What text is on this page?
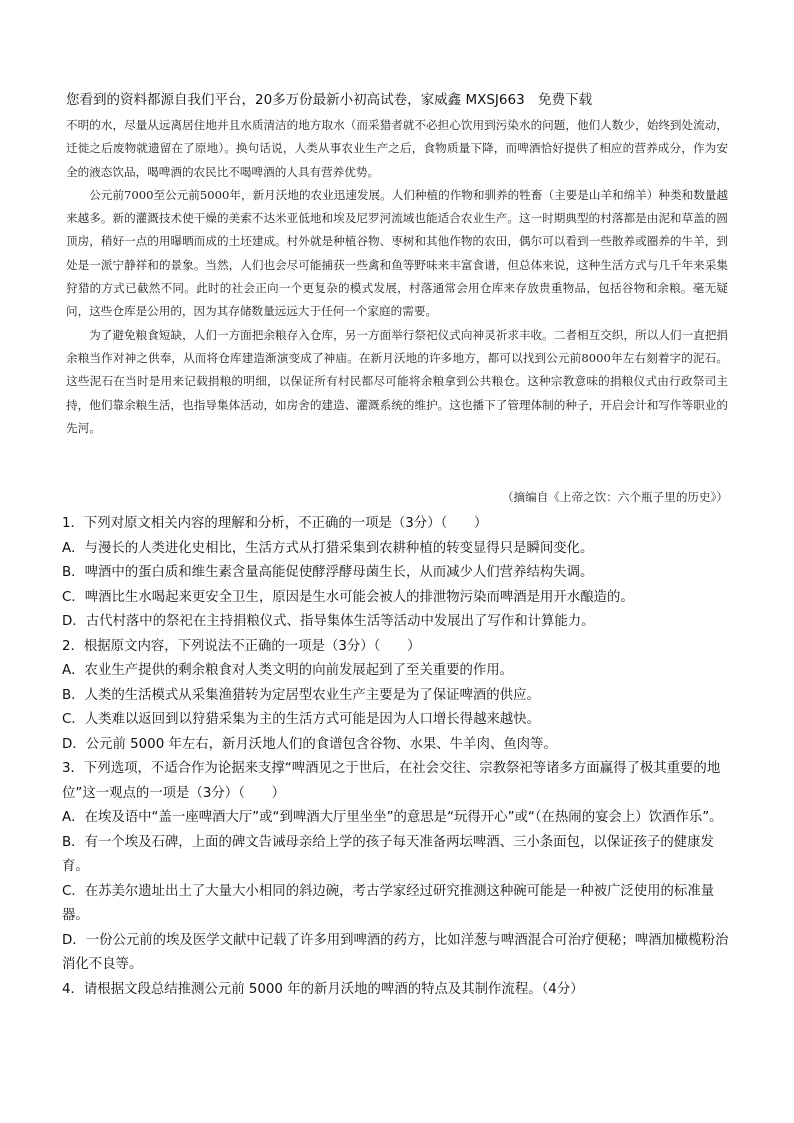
您看到的资料都源自我们平台，20多万份最新小初高试卷，家威鑫 MXSJ663　免费下载

不明的水，尽量从远离居住地并且水质清洁的地方取水（而采猎者就不必担心饮用到污染水的问题，他们人数少，始终到处流动，迁徙之后废物就遗留在了原地）。换句话说，人类从事农业生产之后，食物质量下降，而啤酒恰好提供了相应的营养成分，作为安全的液态饮品，喝啤酒的农民比不喝啤酒的人具有营养优势。

公元前7000至公元前5000年，新月沃地的农业迅速发展。人们种植的作物和驯养的牲畜（主要是山羊和绵羊）种类和数量越来越多。新的灌溉技术使干燥的美索不达米亚低地和埃及尼罗河流域也能适合农业生产。这一时期典型的村落都是由泥和草盖的圆顶房，稍好一点的用曝晒而成的土坯建成。村外就是种植谷物、枣树和其他作物的农田，偶尔可以看到一些散养或圈养的牛羊，到处是一派宁静祥和的景象。当然，人们也会尽可能捕获一些禽和鱼等野味来丰富食谱，但总体来说，这种生活方式与几千年来采集狩猎的方式已截然不同。此时的社会正向一个更复杂的模式发展，村落通常会用仓库来存放贵重物品，包括谷物和余粮。毫无疑问，这些仓库是公用的，因为其存储数量远远大于任何一个家庭的需要。

为了避免粮食短缺，人们一方面把余粮存入仓库，另一方面举行祭祀仪式向神灵祈求丰收。二者相互交织，所以人们一直把捐余粮当作对神之供奉，从而将仓库建造渐演变成了神庙。在新月沃地的许多地方，都可以找到公元前8000年左右刻着字的泥石。这些泥石在当时是用来记载捐粮的明细，以保证所有村民都尽可能将余粮拿到公共粮仓。这种宗教意味的捐粮仪式由行政祭司主持，他们靠余粮生活，也指导集体活动，如房舍的建造、灌溉系统的维护。这也播下了管理体制的种子，开启会计和写作等职业的先河。

（摘编自《上帝之饮：六个瓶子里的历史》）

1．下列对原文相关内容的理解和分析，不正确的一项是（3分）（　　）

A．与漫长的人类进化史相比，生活方式从打猎采集到农耕种植的转变显得只是瞬间变化。

B．啤酒中的蛋白质和维生素含量高能促使酵浮酵母菌生长，从而减少人们营养结构失调。

C．啤酒比生水喝起来更安全卫生，原因是生水可能会被人的排泄物污染而啤酒是用开水酿造的。

D．古代村落中的祭祀在主持捐粮仪式、指导集体生活等活动中发展出了写作和计算能力。

2．根据原文内容，下列说法不正确的一项是（3分）（　　）

A．农业生产提供的剩余粮食对人类文明的向前发展起到了至关重要的作用。

B．人类的生活模式从采集渔猎转为定居型农业生产主要是为了保证啤酒的供应。

C．人类难以返回到以狩猎采集为主的生活方式可能是因为人口增长得越来越快。

D．公元前 5000 年左右，新月沃地人们的食谱包含谷物、水果、牛羊肉、鱼肉等。

3．下列选项，不适合作为论据来支撑“啤酒见之于世后，在社会交往、宗教祭祀等诸多方面赢得了极其重要的地位”这一观点的一项是（3分）（　　）

A．在埃及语中“盖一座啤酒大厅”或“到啤酒大厅里坐坐”的意思是“玩得开心”或“（在热闹的宴会上）饮酒作乐”。

B．有一个埃及石碑，上面的碑文告诫母亲给上学的孩子每天准备两坛啤酒、三小条面包，以保证孩子的健康发育。

C．在苏美尔遗址出土了大量大小相同的斜边碗，考古学家经过研究推测这种碗可能是一种被广泛使用的标准量器。

D．一份公元前的埃及医学文献中记载了许多用到啤酒的药方，比如洋葱与啤酒混合可治疗便秘；啤酒加橄榄粉治消化不良等。

4．请根据文段总结推测公元前 5000 年的新月沃地的啤酒的特点及其制作流程。（4分）
